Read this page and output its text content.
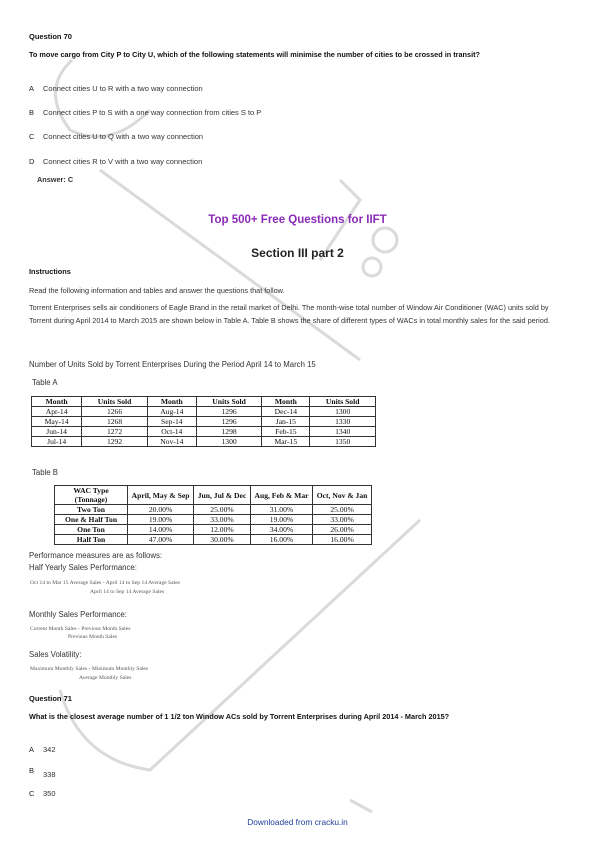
Question 70
To move cargo from City P to City U, which of the following statements will minimise the number of cities to be crossed in transit?
A Connect cities U to R with a two way connection
B Connect cities P to S with a one way connection from cities S to P
C Connect cities U to Q with a two way connection
D Connect cities R to V with a two way connection
Answer: C
Top 500+ Free Questions for IIFT
Section III part 2
Instructions
Read the following information and tables and answer the questions that follow.
Torrent Enterprises sells air conditioners of Eagle Brand in the retail market of Delhi. The month-wise total number of Window Air Conditioner (WAC) units sold by Torrent during April 2014 to March 2015 are shown below in Table A. Table B shows the share of different types of WACs in total monthly sales for the said period.
Number of Units Sold by Torrent Enterprises During the Period April 14 to March 15
Table A
Month	Units Sold	Month	Units Sold	Month	Units Sold
Apr-14	1266	Aug-14	1296	Dec-14	1300
May-14	1268	Sep-14	1296	Jan-15	1330
Jun-14	1272	Oct-14	1298	Feb-15	1340
Jul-14	1292	Nov-14	1300	Mar-15	1350
Table B
WAC Type (Tonnage)	April, May & Sep	Jun, Jul & Dec	Aug, Feb & Mar	Oct, Nov & Jan
Two Ton	20.00%	25.00%	31.00%	25.00%
One & Half Ton	19.00%	33.00%	19.00%	33.00%
One Ton	14.00%	12.00%	34.00%	26.00%
Half Ton	47.00%	30.00%	16.00%	16.00%
Performance measures are as follows:
Half Yearly Sales Performance:
Oct 14 to Mar 15 Average Sales - April 14 to Sep 14 Average Sales
April 14 to Sep 14 Average Sales
Monthly Sales Performance:
Current Month Sales - Previous Month Sales
Previous Month Sales
Sales Volatility:
Maximum Monthly Sales - Minimum Monthly Sales
Average Monthly Sales
Question 71
What is the closest average number of 1 1/2 ton Window ACs sold by Torrent Enterprises during April 2014 - March 2015?
A 342
B 338
C 350
Downloaded from cracku.in
